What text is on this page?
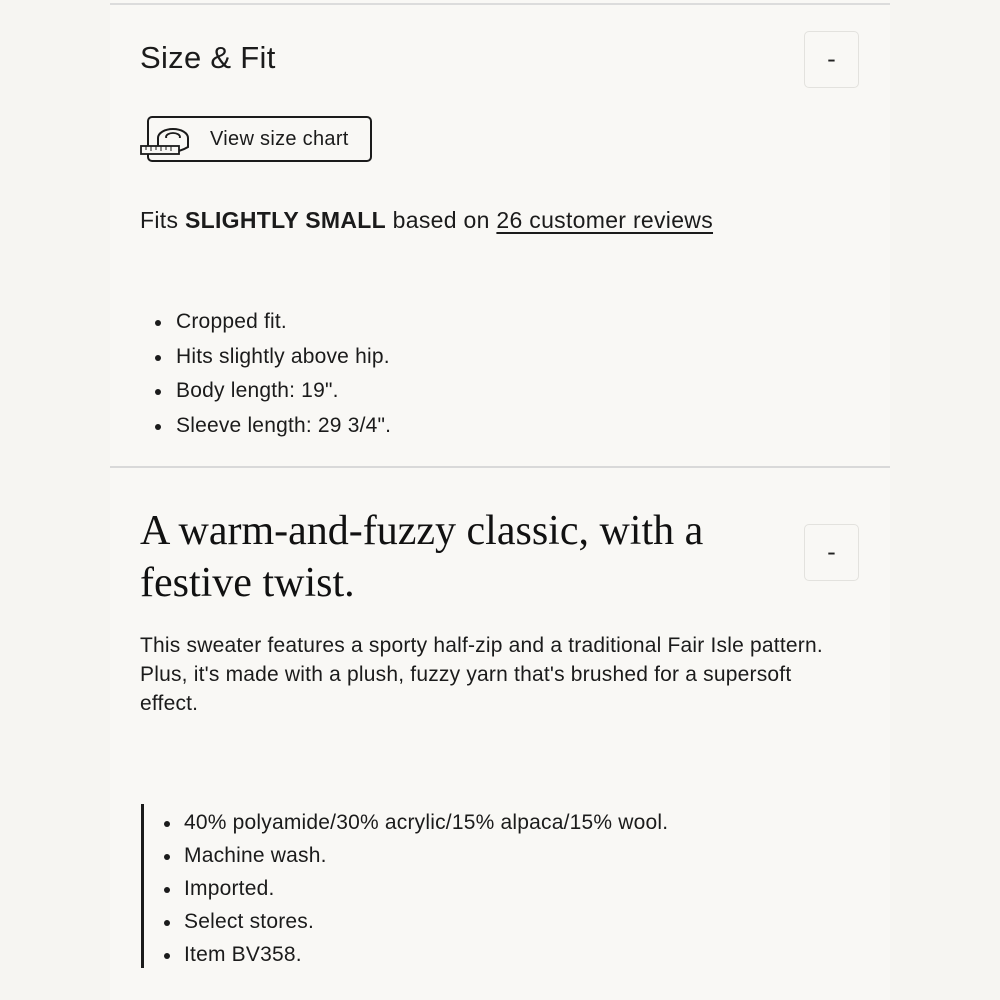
Size & Fit	-
View size chart

Fits SLIGHTLY SMALL based on 26 customer reviews

Cropped fit.
Hits slightly above hip.
Body length: 19".
Sleeve length: 29 3/4".
A warm-and-fuzzy classic, with a festive twist.
-

This sweater features a sporty half-zip and a traditional Fair Isle pattern. Plus, it's made with a plush, fuzzy yarn that's brushed for a supersoft effect.

40% polyamide/30% acrylic/15% alpaca/15% wool.
Machine wash.
Imported.
Select stores.
Item BV358.
